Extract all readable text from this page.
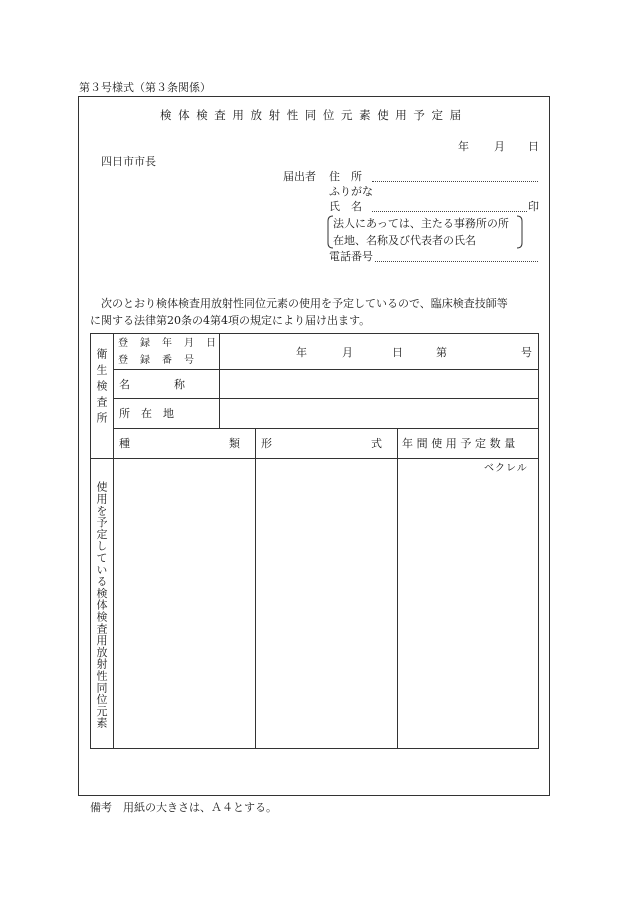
第３号様式（第３条関係）
検体検査用放射性同位元素使用予定届
年 月 日
四日市市長
届出者 住　所
ふりがな
氏　名	印
法人にあっては、主たる事務所の所
在地、名称及び代表者の氏名
電話番号
次のとおり検体検査用放射性同位元素の使用を予定しているので、臨床検査技師等
に関する法律第20条の4第4項の規定により届け出ます。
衛生検査所
登　録　年　月　日
登　録　番　号
年	月	日	第	号
名　　　　称
所　在　地
種　　　　　　　　　類 形　　　　　　　　　式 年間使用予定数量
ベクレル
使用を予定している検体検査用放射性同位元素
備考　用紙の大きさは、Ａ４とする。
